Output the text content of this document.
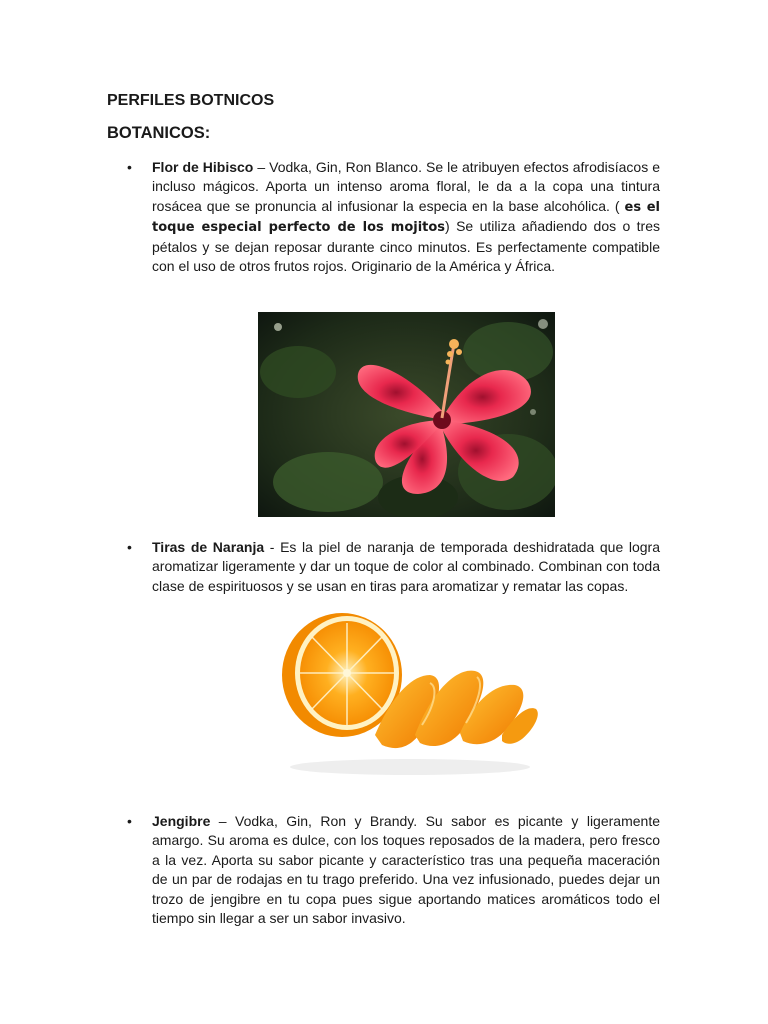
PERFILES BOTNICOS
BOTANICOS:
• Flor de Hibisco – Vodka, Gin, Ron Blanco. Se le atribuyen efectos afrodisíacos e incluso mágicos. Aporta un intenso aroma floral, le da a la copa una tintura rosácea que se pronuncia al infusionar la especia en la base alcohólica. ( es el toque especial perfecto de los mojitos) Se utiliza añadiendo dos o tres pétalos y se dejan reposar durante cinco minutos. Es perfectamente compatible con el uso de otros frutos rojos. Originario de la América y África.

• Tiras de Naranja - Es la piel de naranja de temporada deshidratada que logra aromatizar ligeramente y dar un toque de color al combinado. Combinan con toda clase de espirituosos y se usan en tiras para aromatizar y rematar las copas.

• Jengibre – Vodka, Gin, Ron y Brandy. Su sabor es picante y ligeramente amargo. Su aroma es dulce, con los toques reposados de la madera, pero fresco a la vez. Aporta su sabor picante y característico tras una pequeña maceración de un par de rodajas en tu trago preferido. Una vez infusionado, puedes dejar un trozo de jengibre en tu copa pues sigue aportando matices aromáticos todo el tiempo sin llegar a ser un sabor invasivo.
